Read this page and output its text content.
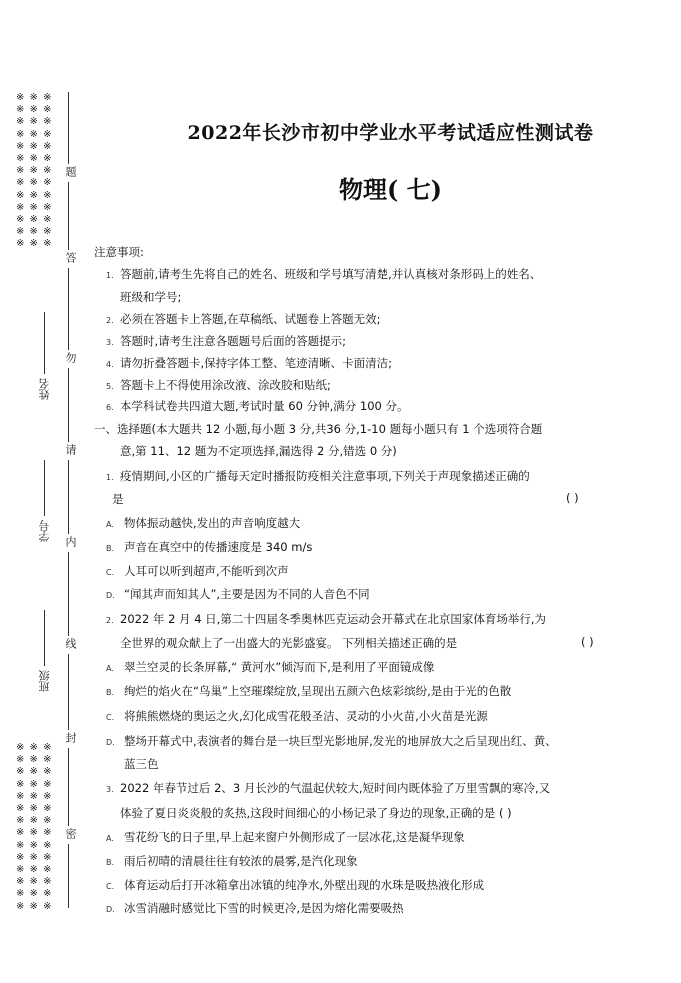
※ ※ ※
※ ※ ※
※ ※ ※
※ ※ ※
※ ※ ※
※ ※ ※
※ ※ ※
※ ※ ※
※ ※ ※
※ ※ ※
※ ※ ※
※ ※ ※
※ ※ ※
※ ※ ※
※ ※ ※
※ ※ ※
※ ※ ※
※ ※ ※
※ ※ ※
※ ※ ※
※ ※ ※
※ ※ ※
※ ※ ※
※ ※ ※
※ ※ ※
※ ※ ※
※ ※ ※
题
答
勿
请
内
线
封
密
姓名
学号
班级
2022年长沙市初中学业水平考试适应性测试卷
物理( 七)
注意事项:
1. 答题前,请考生先将自己的姓名、班级和学号填写清楚,并认真核对条形码上的姓名、
班级和学号;
2. 必须在答题卡上答题,在草稿纸、试题卷上答题无效;
3. 答题时,请考生注意各题题号后面的答题提示;
4. 请勿折叠答题卡,保持字体工整、笔迹清晰、卡面清洁;
5. 答题卡上不得使用涂改液、涂改胶和贴纸;
6. 本学科试卷共四道大题,考试时量 60 分钟,满分 100 分。
一、选择题(本大题共 12 小题,每小题 3 分,共36 分,1-10 题每小题只有 1 个选项符合题
意,第 11、12 题为不定项选择,漏选得 2 分,错选 0 分)
1. 疫情期间,小区的广播每天定时播报防疫相关注意事项,下列关于声现象描述正确的
是	( )
A. 物体振动越快,发出的声音响度越大
B. 声音在真空中的传播速度是 340 m/s
C. 人耳可以听到超声,不能听到次声
D. “闻其声而知其人”,主要是因为不同的人音色不同
2. 2022 年 2 月 4 日,第二十四届冬季奥林匹克运动会开幕式在北京国家体育场举行,为
全世界的观众献上了一出盛大的光影盛宴。 下列相关描述正确的是	( )
A. 翠兰空灵的长条屏幕,“ 黄河水”倾泻而下,是利用了平面镜成像
B. 绚烂的焰火在“鸟巢”上空璀璨绽放,呈现出五颜六色炫彩缤纷,是由于光的色散
C. 将熊熊燃烧的奥运之火,幻化成雪花般圣洁、灵动的小火苗,小火苗是光源
D. 整场开幕式中,表演者的舞台是一块巨型光影地屏,发光的地屏放大之后呈现出红、黄、
蓝三色
3. 2022 年春节过后 2、3 月长沙的气温起伏较大,短时间内既体验了万里雪飘的寒冷,又
体验了夏日炎炎般的炙热,这段时间细心的小杨记录了身边的现象,正确的是 ( )
A. 雪花纷飞的日子里,早上起来窗户外侧形成了一层冰花,这是凝华现象
B. 雨后初晴的清晨往往有较浓的晨雾,是汽化现象
C. 体育运动后打开冰箱拿出冰镇的纯净水,外壁出现的水珠是吸热液化形成
D. 冰雪消融时感觉比下雪的时候更冷,是因为熔化需要吸热
